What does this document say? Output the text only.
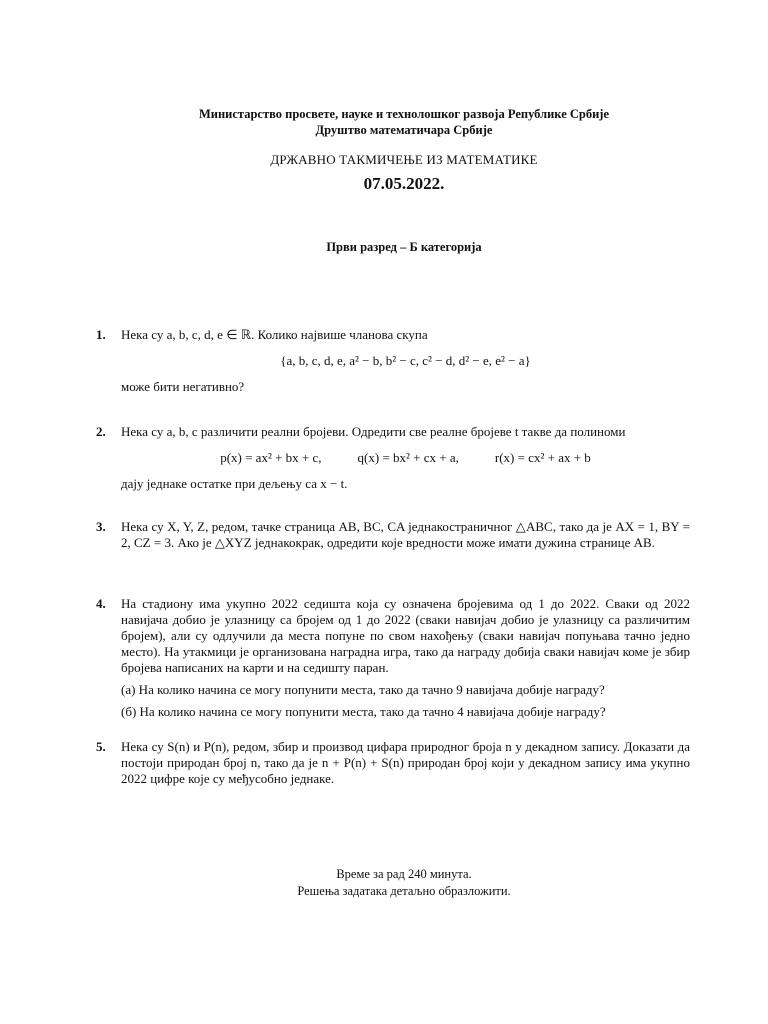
Министарство просвете, науке и технолошког развоја Републике Србије
Друштво математичара Србије
ДРЖАВНО ТАКМИЧЕЊЕ ИЗ МАТЕМАТИКЕ
07.05.2022.
Први разред – Б категорија
1. Нека су a, b, c, d, e ∈ ℝ. Колико највише чланова скупа

{a, b, c, d, e, a² − b, b² − c, c² − d, d² − e, e² − a}

може бити негативно?

2. Нека су a, b, c различити реални бројеви. Одредити све реалне бројеве t такве да полиноми

p(x) = ax² + bx + c,	q(x) = bx² + cx + a,	r(x) = cx² + ax + b

дају једнаке остатке при дељењу са x − t.

3. Нека су X, Y, Z, редом, тачке страница AB, BC, CA једнакостраничног △ABC, тако да је AX = 1, BY = 2, CZ = 3. Ако је △XYZ једнакокрак, одредити које вредности може имати дужина странице AB.

4. На стадиону има укупно 2022 седишта која су означена бројевима од 1 до 2022. Сваки од 2022 навијача добио је улазницу са бројем од 1 до 2022 (сваки навијач добио је улазницу са различитим бројем), али су одлучили да места попуне по свом нахођењу (сваки навијач попуњава тачно једно место). На утакмици је организована наградна игра, тако да награду добија сваки навијач коме је збир бројева написаних на карти и на седишту паран.

(а) На колико начина се могу попунити места, тако да тачно 9 навијача добије награду?
(б) На колико начина се могу попунити места, тако да тачно 4 навијача добије награду?
5. Нека су S(n) и P(n), редом, збир и производ цифара природног броја n у декадном запису. Доказати да постоји природан број n, тако да је n + P(n) + S(n) природан број који у декадном запису има укупно 2022 цифре које су међусобно једнаке.

Време за рад 240 минута.
Решења задатака детаљно образложити.
